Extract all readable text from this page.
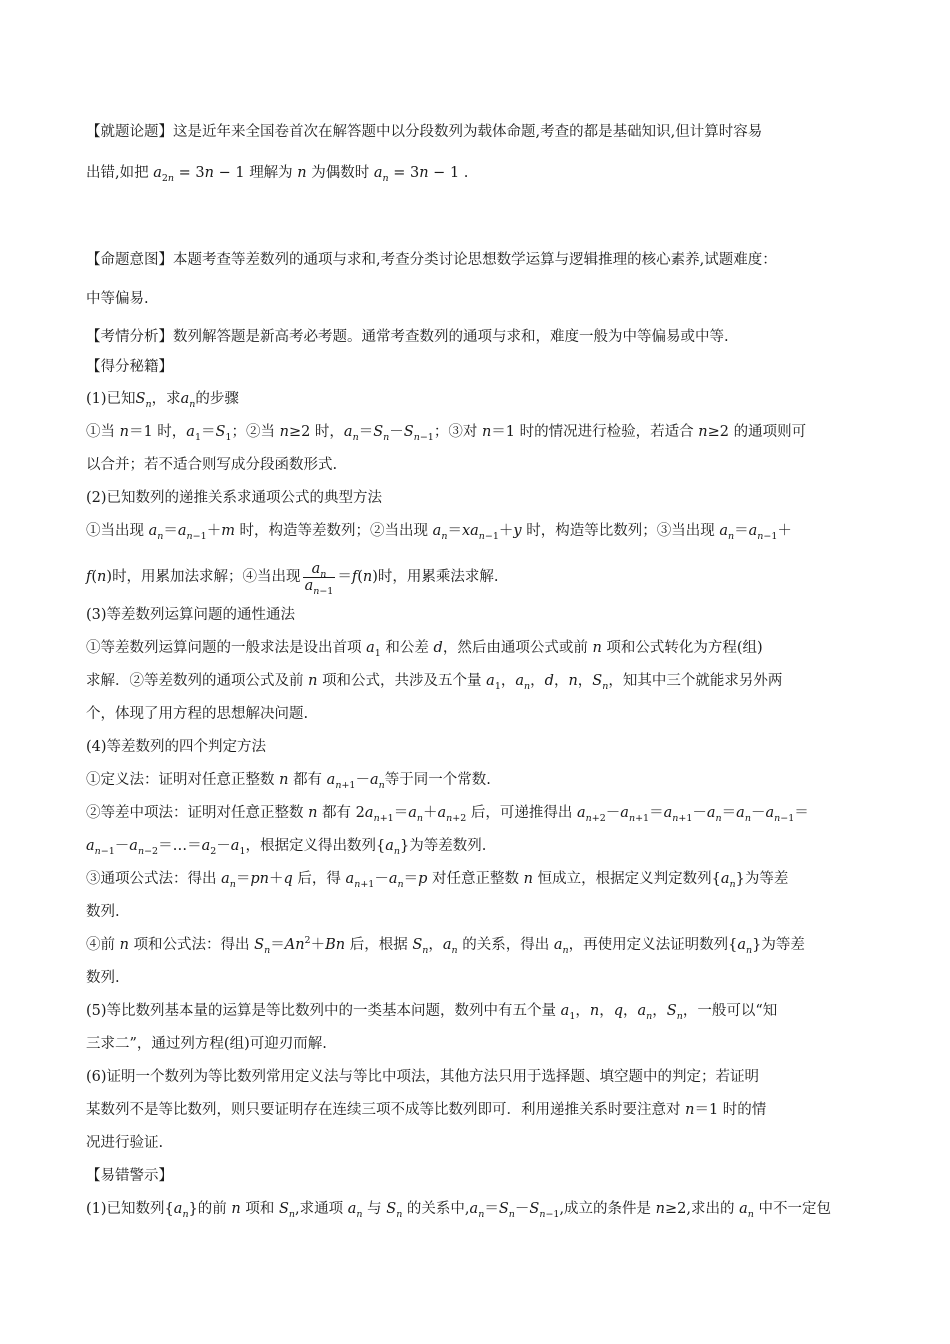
【就题论题】这是近年来全国卷首次在解答题中以分段数列为载体命题,考查的都是基础知识,但计算时容易
出错,如把 $a_{2n} = 3n - 1$ 理解为 n 为偶数时 $a_n = 3n - 1$ .
【命题意图】本题考查等差数列的通项与求和,考查分类讨论思想数学运算与逻辑推理的核心素养,试题难度：
中等偏易.
【考情分析】数列解答题是新高考必考题。通常考查数列的通项与求和，难度一般为中等偏易或中等.
【得分秘籍】
(1)已知$S_n$，求$a_n$的步骤
①当 n＝1 时，$a_1=S_1$；②当 n≥2 时，$a_n=S_n-S_{n-1}$；③对 n＝1 时的情况进行检验，若适合 n≥2 的通项则可
以合并；若不适合则写成分段函数形式.
(2)已知数列的递推关系求通项公式的典型方法
①当出现 $a_n=a_{n-1}+m$ 时，构造等差数列；②当出现 $a_n=xa_{n-1}+y$ 时，构造等比数列；③当出现 $a_n=a_{n-1}+$
f(n)时，用累加法求解；④当出现 $\frac{a_n}{a_{n-1}} =f(n)$时，用累乘法求解.
(3)等差数列运算问题的通性通法
①等差数列运算问题的一般求法是设出首项 $a_1$ 和公差 d，然后由通项公式或前 n 项和公式转化为方程(组)
求解．②等差数列的通项公式及前 n 项和公式，共涉及五个量 $a_1$，$a_n$，d，n，$S_n$，知其中三个就能求另外两
个，体现了用方程的思想解决问题.
(4)等差数列的四个判定方法
①定义法：证明对任意正整数 n 都有 $a_{n+1}-a_n$等于同一个常数.
②等差中项法：证明对任意正整数 n 都有 $2a_{n+1}=a_n+a_{n+2}$ 后，可递推得出 $a_{n+2}-a_{n+1}=a_{n+1}-a_n=a_n-a_{n-1}=$
$a_{n-1}-a_{n-2}=\dots=a_2-a_1$，根据定义得出数列$\{a_n\}$为等差数列.
③通项公式法：得出 $a_n=pn+q$ 后，得 $a_{n+1}-a_n=p$ 对任意正整数 n 恒成立，根据定义判定数列$\{a_n\}$为等差
数列.
④前 n 项和公式法：得出 $S_n=An^2+Bn$ 后，根据 $S_n$，$a_n$ 的关系，得出 $a_n$，再使用定义法证明数列$\{a_n\}$为等差
数列.
(5)等比数列基本量的运算是等比数列中的一类基本问题，数列中有五个量 $a_1$，n，q，$a_n$，$S_n$，一般可以“知
三求二”，通过列方程(组)可迎刃而解.
(6)证明一个数列为等比数列常用定义法与等比中项法，其他方法只用于选择题、填空题中的判定；若证明
某数列不是等比数列，则只要证明存在连续三项不成等比数列即可．利用递推关系时要注意对 n＝1 时的情
况进行验证.
【易错警示】
(1)已知数列$\{a_n\}$的前 n 项和 $S_n$,求通项 $a_n$ 与 $S_n$ 的关系中$,a_n=S_n-S_{n-1}$,成立的条件是 n≥2,求出的 $a_n$ 中不一定包
